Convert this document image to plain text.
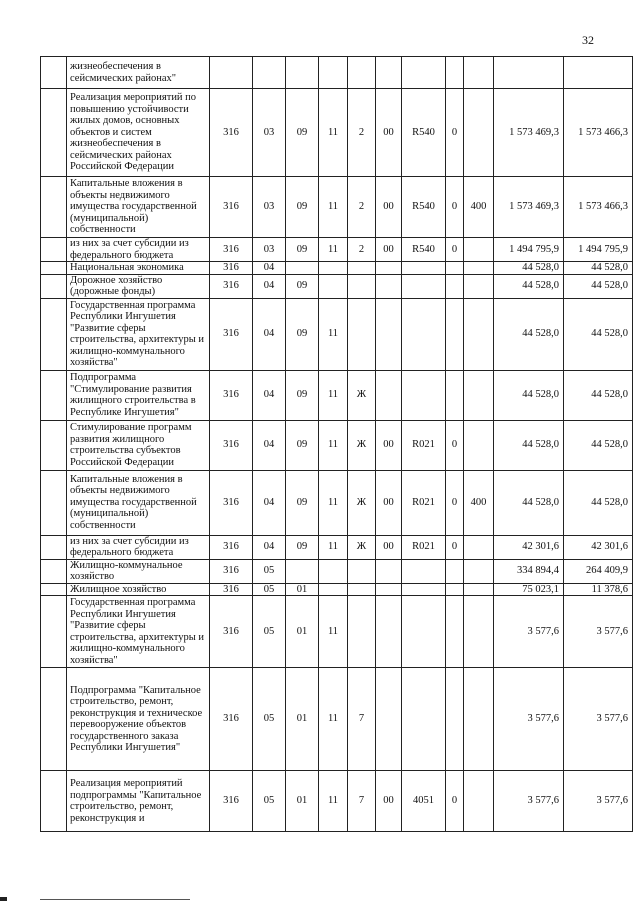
32
	жизнеобеспечения в сейсмических районах"											
	Реализация мероприятий по повышению устойчивости жилых домов, основных объектов и систем жизнеобеспечения в сейсмических районах Российской Федерации	316	03	09	11	2	00	R540	0		1 573 469,3	1 573 466,3
	Капитальные вложения в объекты недвижимого имущества государственной (муниципальной) собственности	316	03	09	11	2	00	R540	0	400	1 573 469,3	1 573 466,3
	из них за счет субсидии из федерального бюджета	316	03	09	11	2	00	R540	0		1 494 795,9	1 494 795,9
	Национальная экономика	316	04								44 528,0	44 528,0
	Дорожное хозяйство (дорожные фонды)	316	04	09							44 528,0	44 528,0
	Государственная программа Республики Ингушетия "Развитие сферы строительства, архитектуры и жилищно-коммунального хозяйства"	316	04	09	11						44 528,0	44 528,0
	Подпрограмма "Стимулирование развития жилищного строительства в Республике Ингушетия"	316	04	09	11	Ж					44 528,0	44 528,0
	Стимулирование программ развития жилищного строительства субъектов Российской Федерации	316	04	09	11	Ж	00	R021	0		44 528,0	44 528,0
	Капитальные вложения в объекты недвижимого имущества государственной (муниципальной) собственности	316	04	09	11	Ж	00	R021	0	400	44 528,0	44 528,0
	из них за счет субсидии из федерального бюджета	316	04	09	11	Ж	00	R021	0		42 301,6	42 301,6
	Жилищно-коммунальное хозяйство	316	05								334 894,4	264 409,9
	Жилищное хозяйство	316	05	01							75 023,1	11 378,6
	Государственная программа Республики Ингушетия "Развитие сферы строительства, архитектуры и жилищно-коммунального хозяйства"	316	05	01	11						3 577,6	3 577,6
	Подпрограмма "Капитальное строительство, ремонт, реконструкция и техническое перевооружение объектов государственного заказа Республики Ингушетия"	316	05	01	11	7					3 577,6	3 577,6
	Реализация мероприятий подпрограммы "Капитальное строительство, ремонт, реконструкция и	316	05	01	11	7	00	4051	0		3 577,6	3 577,6
